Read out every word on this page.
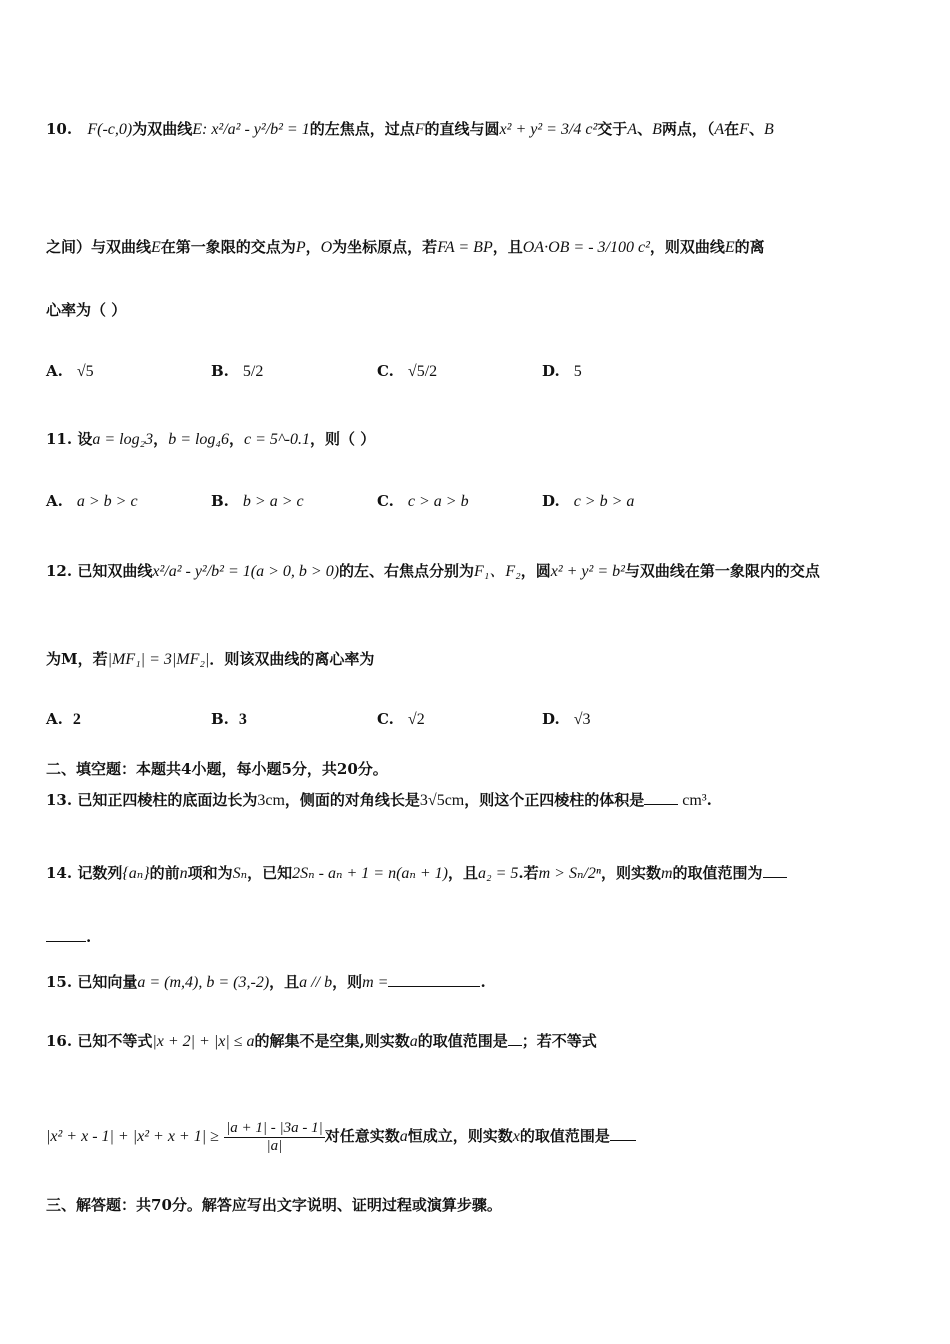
10. F(-c,0)为双曲线E: x²/a² - y²/b² = 1的左焦点，过点F的直线与圆x² + y² = 3/4 c²交于A、B两点，（A在F、B
之间）与双曲线E在第一象限的交点为P，O为坐标原点，若FA = BP，且OA·OB = - 3/100 c²，则双曲线E的离
心率为（ ）
A. √5	B. 5/2	C. √5/2	D. 5
11. 设a = log₂3，b = log₄6，c = 5^-0.1，则（ ）
A. a > b > c	B. b > a > c	C. c > a > b	D. c > b > a
12. 已知双曲线x²/a² - y²/b² = 1(a > 0, b > 0)的左、右焦点分别为F₁、F₂，圆x² + y² = b²与双曲线在第一象限内的交点
为M，若|MF₁| = 3|MF₂|．则该双曲线的离心率为
A. 2	B. 3	C. √2	D. √3
二、填空题：本题共4小题，每小题5分，共20分。
13. 已知正四棱柱的底面边长为3cm，侧面的对角线长是3√5cm，则这个正四棱柱的体积是 cm³.
14. 记数列{aₙ}的前n项和为Sₙ，已知2Sₙ - aₙ + 1 = n(aₙ + 1)，且a₂ = 5.若m > Sₙ/2ⁿ，则实数m的取值范围为
.
15. 已知向量a = (m,4), b = (3,-2)，且a // b，则m =	.
16. 已知不等式|x + 2| + |x| ≤ a的解集不是空集,则实数a的取值范围是 ；若不等式
$|x^2 + x - 1| + |x^2 + x + 1| \ge \frac{|a + 1| - |3a - 1|}{|a|}$ 对任意实数a恒成立，则实数x的取值范围是
三、解答题：共70分。解答应写出文字说明、证明过程或演算步骤。
